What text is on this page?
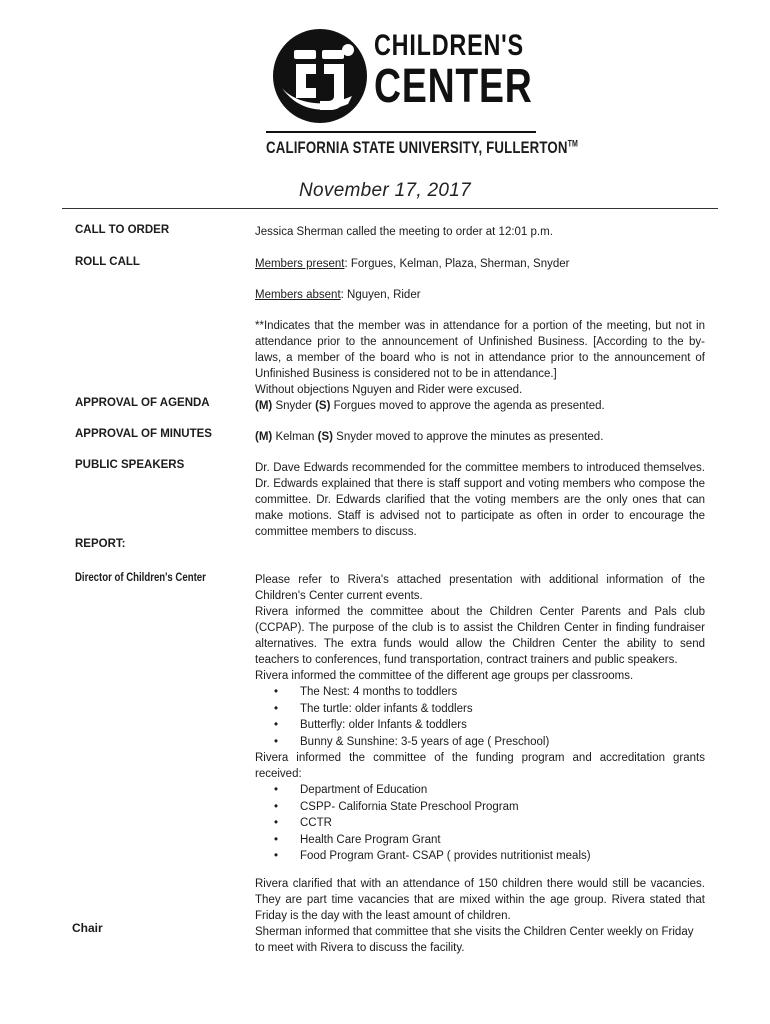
CHILDREN'S
CENTER
CALIFORNIA STATE UNIVERSITY, FULLERTON™
November 17, 2017
CALL TO ORDER	Jessica Sherman called the meeting to order at 12:01 p.m.
ROLL CALL	Members present: Forgues, Kelman, Plaza, Sherman, Snyder
Members absent: Nguyen, Rider
**Indicates that the member was in attendance for a portion of the meeting, but not in attendance prior to the announcement of Unfinished Business. [According to the by-laws, a member of the board who is not in attendance prior to the announcement of Unfinished Business is considered not to be in attendance.]
Without objections Nguyen and Rider were excused.
APPROVAL OF AGENDA	(M) Snyder (S) Forgues moved to approve the agenda as presented.
APPROVAL OF MINUTES	(M) Kelman (S) Snyder moved to approve the minutes as presented.
PUBLIC SPEAKERS	Dr. Dave Edwards recommended for the committee members to introduced themselves. Dr. Edwards explained that there is staff support and voting members who compose the committee. Dr. Edwards clarified that the voting members are the only ones that can make motions. Staff is advised not to participate as often in order to encourage the committee members to discuss.
REPORT:
Director of Children's Center	Please refer to Rivera's attached presentation with additional information of the Children's Center current events.

Rivera informed the committee about the Children Center Parents and Pals club (CCPAP). The purpose of the club is to assist the Children Center in finding fundraiser alternatives. The extra funds would allow the Children Center the ability to send teachers to conferences, fund transportation, contract trainers and public speakers.

Rivera informed the committee of the different age groups per classrooms.

• The Nest: 4 months to toddlers
• The turtle: older infants & toddlers
• Butterfly: older Infants & toddlers
• Bunny & Sunshine: 3-5 years of age ( Preschool)

Rivera informed the committee of the funding program and accreditation grants received:

• Department of Education
• CSPP- California State Preschool Program
• CCTR
• Health Care Program Grant
• Food Program Grant- CSAP ( provides nutritionist meals)
Rivera clarified that with an attendance of 150 children there would still be vacancies. They are part time vacancies that are mixed within the age group. Rivera stated that Friday is the day with the least amount of children.
Chair	Sherman informed that committee that she visits the Children Center weekly on Friday to meet with Rivera to discuss the facility.
